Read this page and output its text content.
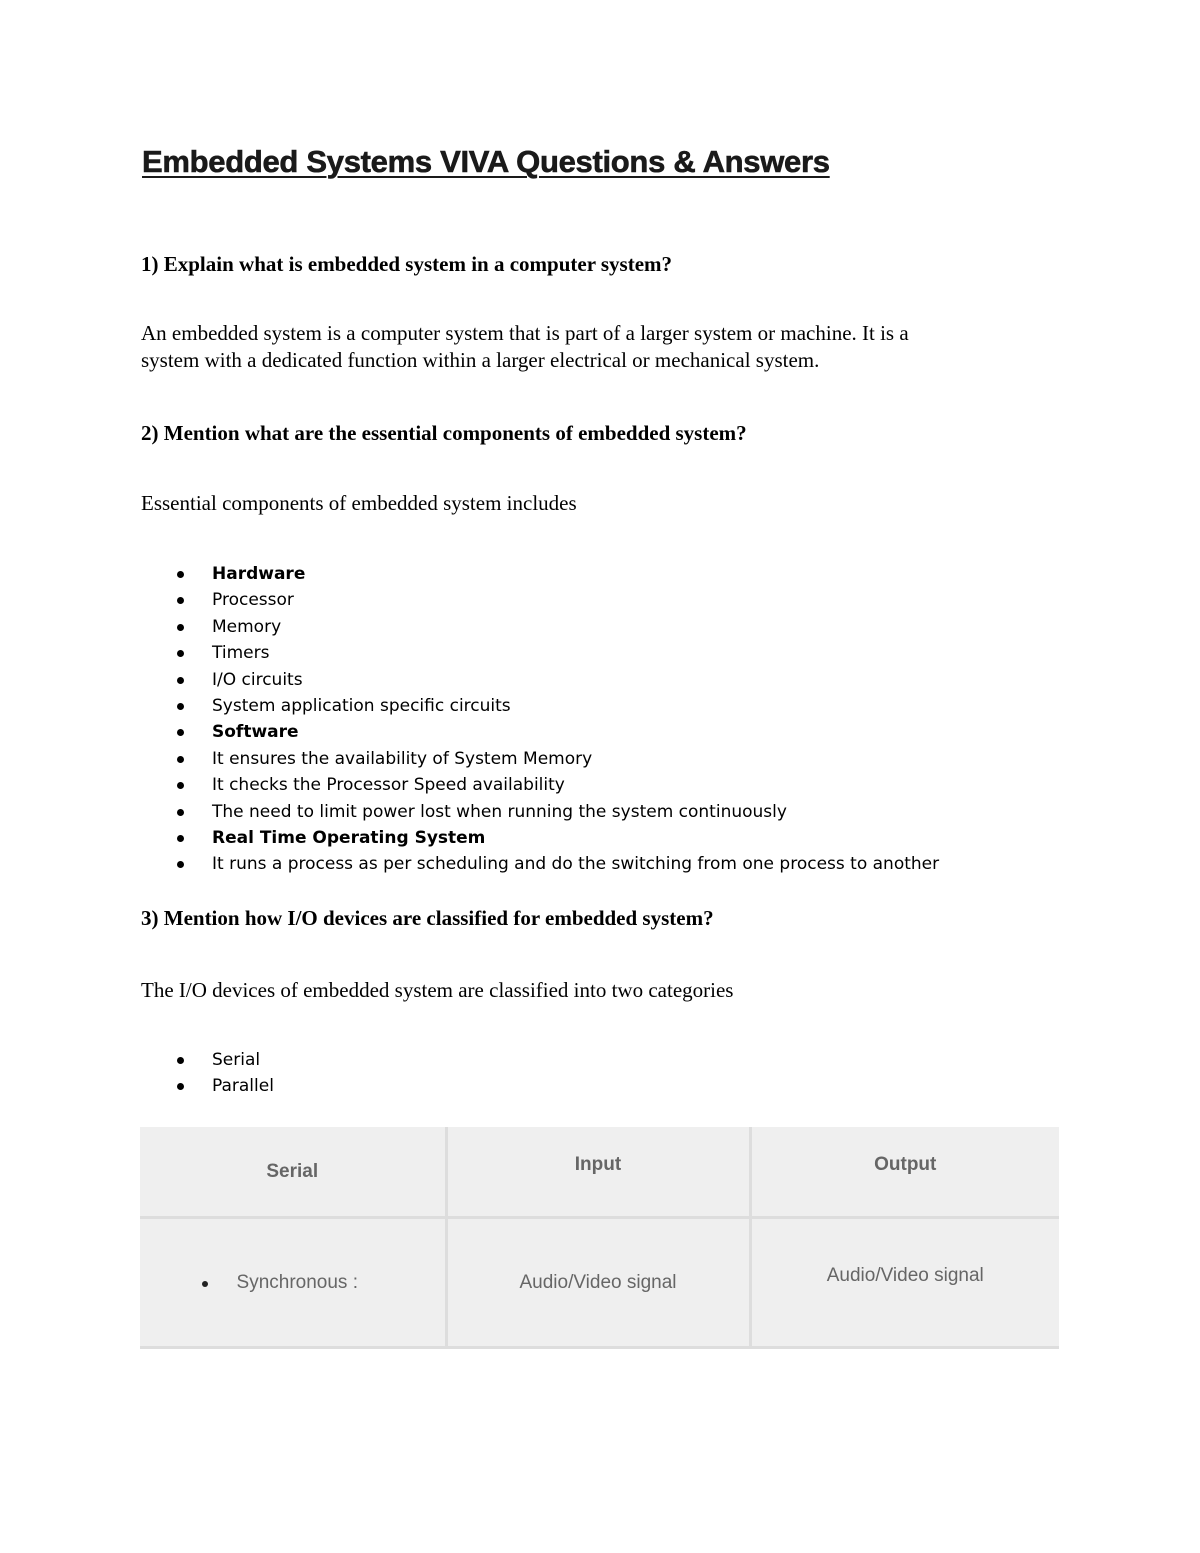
Embedded Systems VIVA Questions & Answers

1) Explain what is embedded system in a computer system?

An embedded system is a computer system that is part of a larger system or machine. It is a

system with a dedicated function within a larger electrical or mechanical system.

2) Mention what are the essential components of embedded system?

Essential components of embedded system includes

Hardware
Processor
Memory
Timers
I/O circuits
System application specific circuits
Software
It ensures the availability of System Memory
It checks the Processor Speed availability
The need to limit power lost when running the system continuously
Real Time Operating System
It runs a process as per scheduling and do the switching from one process to another

3) Mention how I/O devices are classified for embedded system?

The I/O devices of embedded system are classified into two categories

Serial
Parallel
Serial	Input	Output

Synchronous :	Audio/Video signal	Audio/Video signal
